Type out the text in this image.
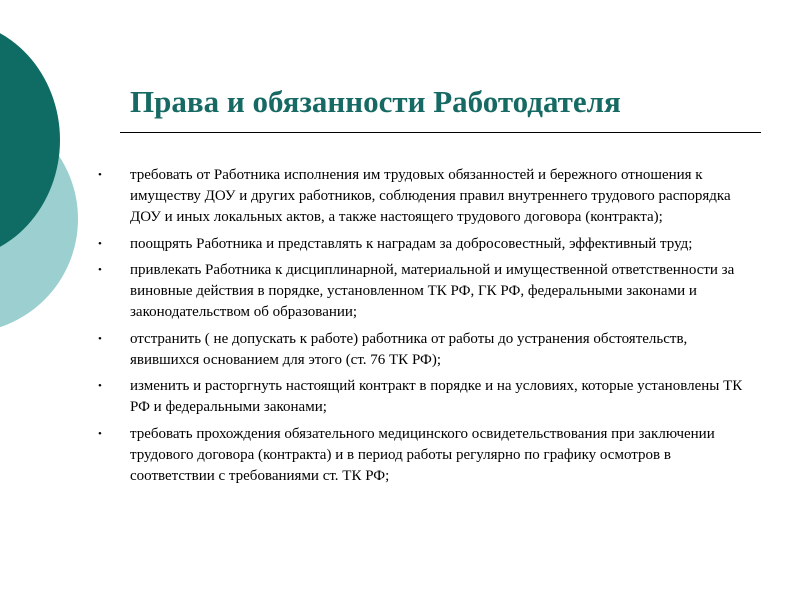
Права и обязанности Работодателя
•	требовать от Работника исполнения им трудовых обязанностей и бережного отношения к имуществу ДОУ и других работников, соблюдения правил внутреннего трудового распорядка ДОУ и иных локальных актов, а также настоящего трудового договора (контракта);
•	поощрять Работника и представлять к наградам за добросовестный, эффективный труд;
•	привлекать Работника к дисциплинарной, материальной и имущественной ответственности за виновные действия в порядке, установленном ТК РФ, ГК РФ, федеральными законами и законодательством об образовании;
•	отстранить ( не допускать к работе) работника от работы до устранения обстоятельств, явившихся основанием для этого (ст. 76 ТК РФ);
•	изменить и расторгнуть настоящий контракт в порядке и на условиях, которые установлены ТК РФ и федеральными законами;
•	требовать прохождения обязательного медицинского освидетельствования при заключении трудового договора (контракта) и в период работы регулярно по графику осмотров в соответствии с требованиями ст. ТК РФ;
